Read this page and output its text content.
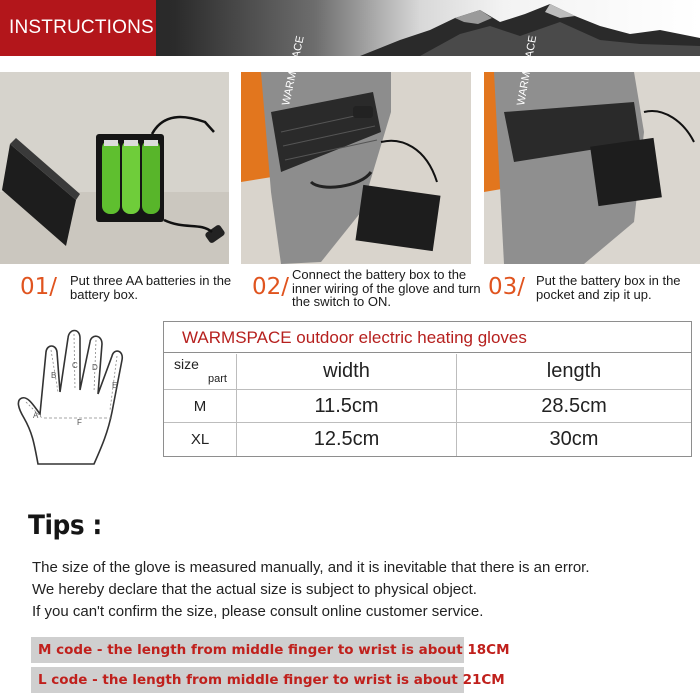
INSTRUCTIONS
WARMSPACE	WARMSPACE
01/ Put three AA batteries in the battery box.	02/ Connect the battery box to the inner wiring of the glove and turn the switch to ON.
03/ Put the battery box in the pocket and zip it up.
A
B
C D
E
F
WARMSPACE outdoor electric heating gloves
size
part	width	length
M	11.5cm	28.5cm
XL	12.5cm	30cm
Tips :
The size of the glove is measured manually, and it is inevitable that there is an error.
We hereby declare that the actual size is subject to physical object.
If you can't confirm the size, please consult online customer service.
M code - the length from middle finger to wrist is about 18CM
L code - the length from middle finger to wrist is about 21CM
